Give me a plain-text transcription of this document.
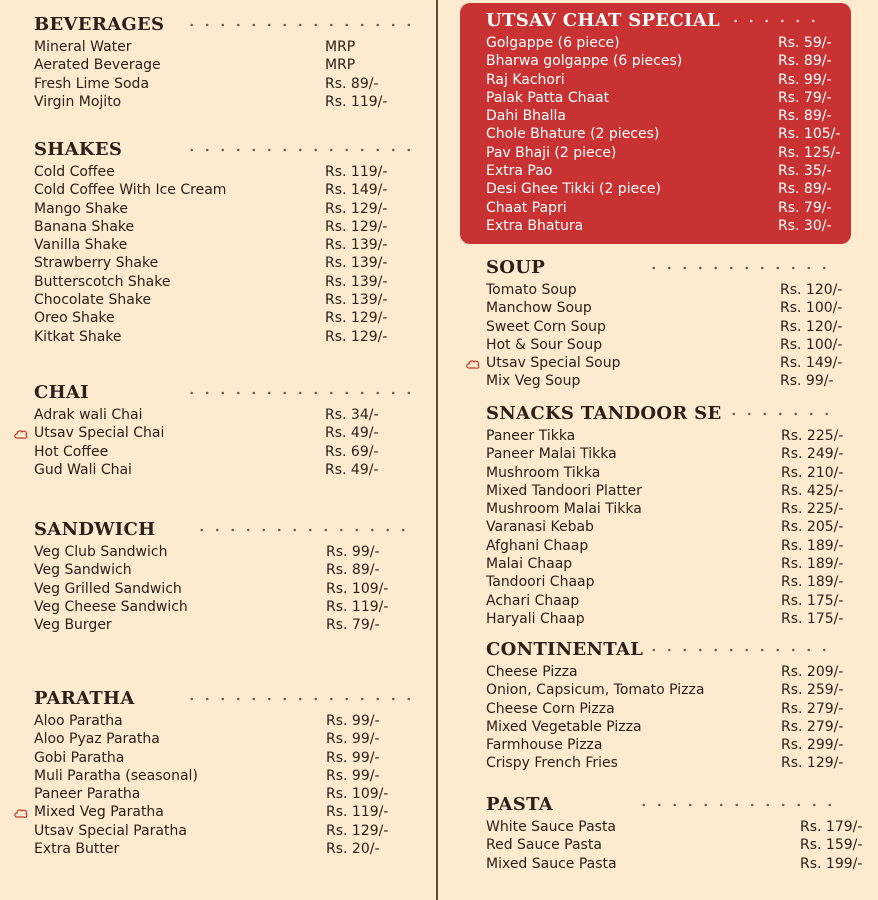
BEVERAGES
Mineral Water	MRP
Aerated Beverage	MRP
Fresh Lime Soda	Rs. 89/-
Virgin Mojito	Rs. 119/-
SHAKES
Cold Coffee	Rs. 119/-
Cold Coffee With Ice Cream	Rs. 149/-
Mango Shake	Rs. 129/-
Banana Shake	Rs. 129/-
Vanilla Shake	Rs. 139/-
Strawberry Shake	Rs. 139/-
Butterscotch Shake	Rs. 139/-
Chocolate Shake	Rs. 139/-
Oreo Shake	Rs. 129/-
Kitkat Shake	Rs. 129/-
CHAI
Adrak wali Chai	Rs. 34/-
Utsav Special Chai	Rs. 49/-
Hot Coffee	Rs. 69/-
Gud Wali Chai	Rs. 49/-
SANDWICH
Veg Club Sandwich	Rs. 99/-
Veg Sandwich	Rs. 89/-
Veg Grilled Sandwich	Rs. 109/-
Veg Cheese Sandwich	Rs. 119/-
Veg Burger	Rs. 79/-
PARATHA
Aloo Paratha	Rs. 99/-
Aloo Pyaz Paratha	Rs. 99/-
Gobi Paratha	Rs. 99/-
Muli Paratha (seasonal)	Rs. 99/-
Paneer Paratha	Rs. 109/-
Mixed Veg Paratha	Rs. 119/-
Utsav Special Paratha	Rs. 129/-
Extra Butter	Rs. 20/-
UTSAV CHAT SPECIAL
Golgappe (6 piece)	Rs. 59/-
Bharwa golgappe (6 pieces)	Rs. 89/-
Raj Kachori	Rs. 99/-
Palak Patta Chaat	Rs. 79/-
Dahi Bhalla	Rs. 89/-
Chole Bhature (2 pieces)	Rs. 105/-
Pav Bhaji (2 piece)	Rs. 125/-
Extra Pao	Rs. 35/-
Desi Ghee Tikki (2 piece)	Rs. 89/-
Chaat Papri	Rs. 79/-
Extra Bhatura	Rs. 30/-
SOUP
Tomato Soup	Rs. 120/-
Manchow Soup	Rs. 100/-
Sweet Corn Soup	Rs. 120/-
Hot & Sour Soup	Rs. 100/-
Utsav Special Soup	Rs. 149/-
Mix Veg Soup	Rs. 99/-
SNACKS TANDOOR SE
Paneer Tikka	Rs. 225/-
Paneer Malai Tikka	Rs. 249/-
Mushroom Tikka	Rs. 210/-
Mixed Tandoori Platter	Rs. 425/-
Mushroom Malai Tikka	Rs. 225/-
Varanasi Kebab	Rs. 205/-
Afghani Chaap	Rs. 189/-
Malai Chaap	Rs. 189/-
Tandoori Chaap	Rs. 189/-
Achari Chaap	Rs. 175/-
Haryali Chaap	Rs. 175/-
CONTINENTAL
Cheese Pizza	Rs. 209/-
Onion, Capsicum, Tomato Pizza	Rs. 259/-
Cheese Corn Pizza	Rs. 279/-
Mixed Vegetable Pizza	Rs. 279/-
Farmhouse Pizza	Rs. 299/-
Crispy French Fries	Rs. 129/-
PASTA
White Sauce Pasta	Rs. 179/-
Red Sauce Pasta	Rs. 159/-
Mixed Sauce Pasta	Rs. 199/-
